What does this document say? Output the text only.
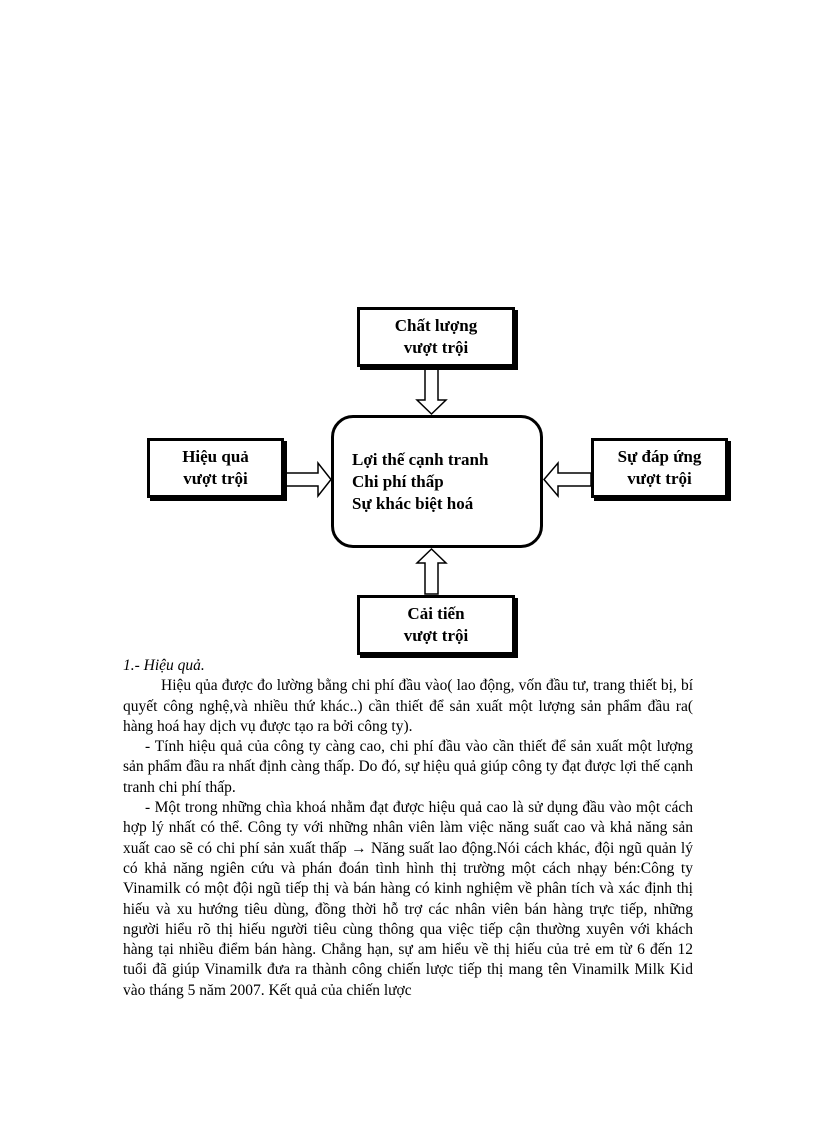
Chất lượng
vượt trội
Hiệu quả
vượt trội
Sự đáp ứng
vượt trội
Cải tiến
vượt trội
Lợi thế cạnh tranh
Chi phí thấp
Sự khác biệt hoá

1.- Hiệu quả.

Hiệu qủa được đo lường bằng chi phí đầu vào( lao động, vốn đầu tư, trang thiết bị, bí quyết công nghệ,và nhiều thứ khác..) cần thiết để sản xuất một lượng sản phẩm đầu ra( hàng hoá hay dịch vụ được tạo ra bởi công ty).

- Tính hiệu quả của công ty càng cao, chi phí đầu vào cần thiết để sản xuất một lượng sản phẩm đầu ra nhất định càng thấp. Do đó, sự hiệu quả giúp công ty đạt được lợi thế cạnh tranh chi phí thấp.

- Một trong những chìa khoá nhằm đạt được hiệu quả cao là sử dụng đầu vào một cách hợp lý nhất có thể. Công ty với những nhân viên làm việc năng suất cao và khả năng sản xuất cao sẽ có chi phí sản xuất thấp → Năng suất lao động.Nói cách khác, đội ngũ quản lý có khả năng ngiên cứu và phán đoán tình hình thị trường một cách nhạy bén:Công ty Vinamilk có một đội ngũ tiếp thị và bán hàng có kinh nghiệm về phân tích và xác định thị hiếu và xu hướng tiêu dùng, đồng thời hỗ trợ các nhân viên bán hàng trực tiếp, những người hiểu rõ thị hiếu người tiêu cùng thông qua việc tiếp cận thường xuyên với khách hàng tại nhiều điểm bán hàng. Chẳng hạn, sự am hiểu về thị hiếu của trẻ em từ 6 đến 12 tuổi đã giúp Vinamilk đưa ra thành công chiến lược tiếp thị mang tên Vinamilk Milk Kid vào tháng 5 năm 2007. Kết quả của chiến lược
